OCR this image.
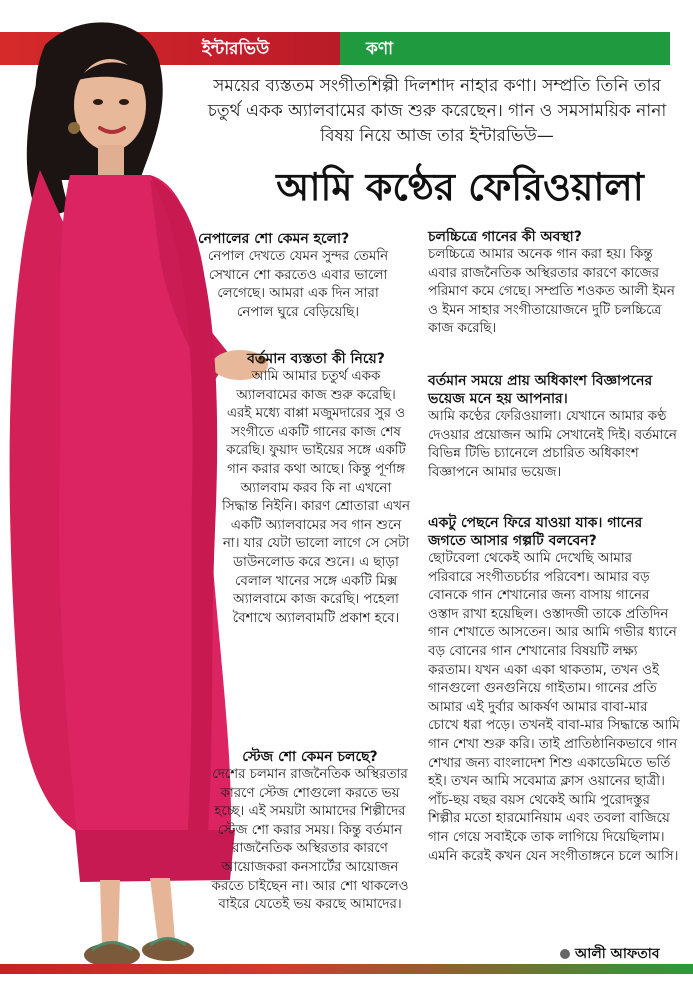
ইন্টারভিউ	কণা
সময়ের ব্যস্ততম সংগীতশিল্পী দিলশাদ নাহার কণা। সম্প্রতি তিনি তার চতুর্থ একক অ্যালবামের কাজ শুরু করেছেন। গান ও সমসাময়িক নানা বিষয় নিয়ে আজ তার ইন্টারভিউ—
আমি কণ্ঠের ফেরিওয়ালা

নেপালের শো কেমন হলো?

নেপাল দেখতে যেমন সুন্দর তেমনি সেখানে শো করতেও এবার ভালো লেগেছে। আমরা এক দিন সারা নেপাল ঘুরে বেড়িয়েছি।

বর্তমান ব্যস্ততা কী নিয়ে?

আমি আমার চতুর্থ একক অ্যালবামের কাজ শুরু করেছি। এরই মধ্যে বাপ্পা মজুমদারের সুর ও সংগীতে একটি গানের কাজ শেষ করেছি। ফুয়াদ ভাইয়ের সঙ্গে একটি গান করার কথা আছে। কিন্তু পূর্ণাঙ্গ অ্যালবাম করব কি না এখনো সিদ্ধান্ত নিইনি। কারণ শ্রোতারা এখন একটি অ্যালবামের সব গান শুনে না। যার যেটা ভালো লাগে সে সেটা ডাউনলোড করে শুনে। এ ছাড়া বেলাল খানের সঙ্গে একটি মিক্স অ্যালবামে কাজ করেছি। পহেলা বৈশাখে অ্যালবামটি প্রকাশ হবে।

স্টেজ শো কেমন চলছে?

দেশের চলমান রাজনৈতিক অস্থিরতার কারণে স্টেজ শোগুলো করতে ভয় হচ্ছে। এই সময়টা আমাদের শিল্পীদের স্টেজ শো করার সময়। কিন্তু বর্তমান রাজনৈতিক অস্থিরতার কারণে আয়োজকরা কনসার্টের আয়োজন করতে চাইছেন না। আর শো থাকলেও বাইরে যেতেই ভয় করছে আমাদের।

চলচ্চিত্রে গানের কী অবস্থা?

চলচ্চিত্রে আমার অনেক গান করা হয়। কিন্তু এবার রাজনৈতিক অস্থিরতার কারণে কাজের পরিমাণ কমে গেছে। সম্প্রতি শওকত আলী ইমন ও ইমন সাহার সংগীতায়োজনে দুটি চলচ্চিত্রে কাজ করেছি।

বর্তমান সময়ে প্রায় অধিকাংশ বিজ্ঞাপনের ভয়েজ মনে হয় আপনার।

আমি কণ্ঠের ফেরিওয়ালা। যেখানে আমার কণ্ঠ দেওয়ার প্রয়োজন আমি সেখানেই দিই। বর্তমানে বিভিন্ন টিভি চ্যানেলে প্রচারিত অধিকাংশ বিজ্ঞাপনে আমার ভয়েজ।

একটু পেছনে ফিরে যাওয়া যাক। গানের জগতে আসার গল্পটি বলবেন?

ছোটবেলা থেকেই আমি দেখেছি আমার পরিবারে সংগীতচর্চার পরিবেশ। আমার বড় বোনকে গান শেখানোর জন্য বাসায় গানের ওস্তাদ রাখা হয়েছিল। ওস্তাদজী তাকে প্রতিদিন গান শেখাতে আসতেন। আর আমি গভীর ধ্যানে বড় বোনের গান শেখানোর বিষয়টি লক্ষ্য করতাম। যখন একা একা থাকতাম, তখন ওই গানগুলো গুনগুনিয়ে গাইতাম। গানের প্রতি আমার এই দুর্বার আকর্ষণ আমার বাবা-মার চোখে ধরা পড়ে। তখনই বাবা-মার সিদ্ধান্তে আমি গান শেখা শুরু করি। তাই প্রাতিষ্ঠানিকভাবে গান শেখার জন্য বাংলাদেশ শিশু একাডেমিতে ভর্তি হই। তখন আমি সবেমাত্র ক্লাস ওয়ানের ছাত্রী। পাঁচ-ছয় বছর বয়স থেকেই আমি পুরোদস্তুর শিল্পীর মতো হারমোনিয়াম এবং তবলা বাজিয়ে গান গেয়ে সবাইকে তাক লাগিয়ে দিয়েছিলাম। এমনি করেই কখন যেন সংগীতাঙ্গনে চলে আসি।

আলী আফতাব
